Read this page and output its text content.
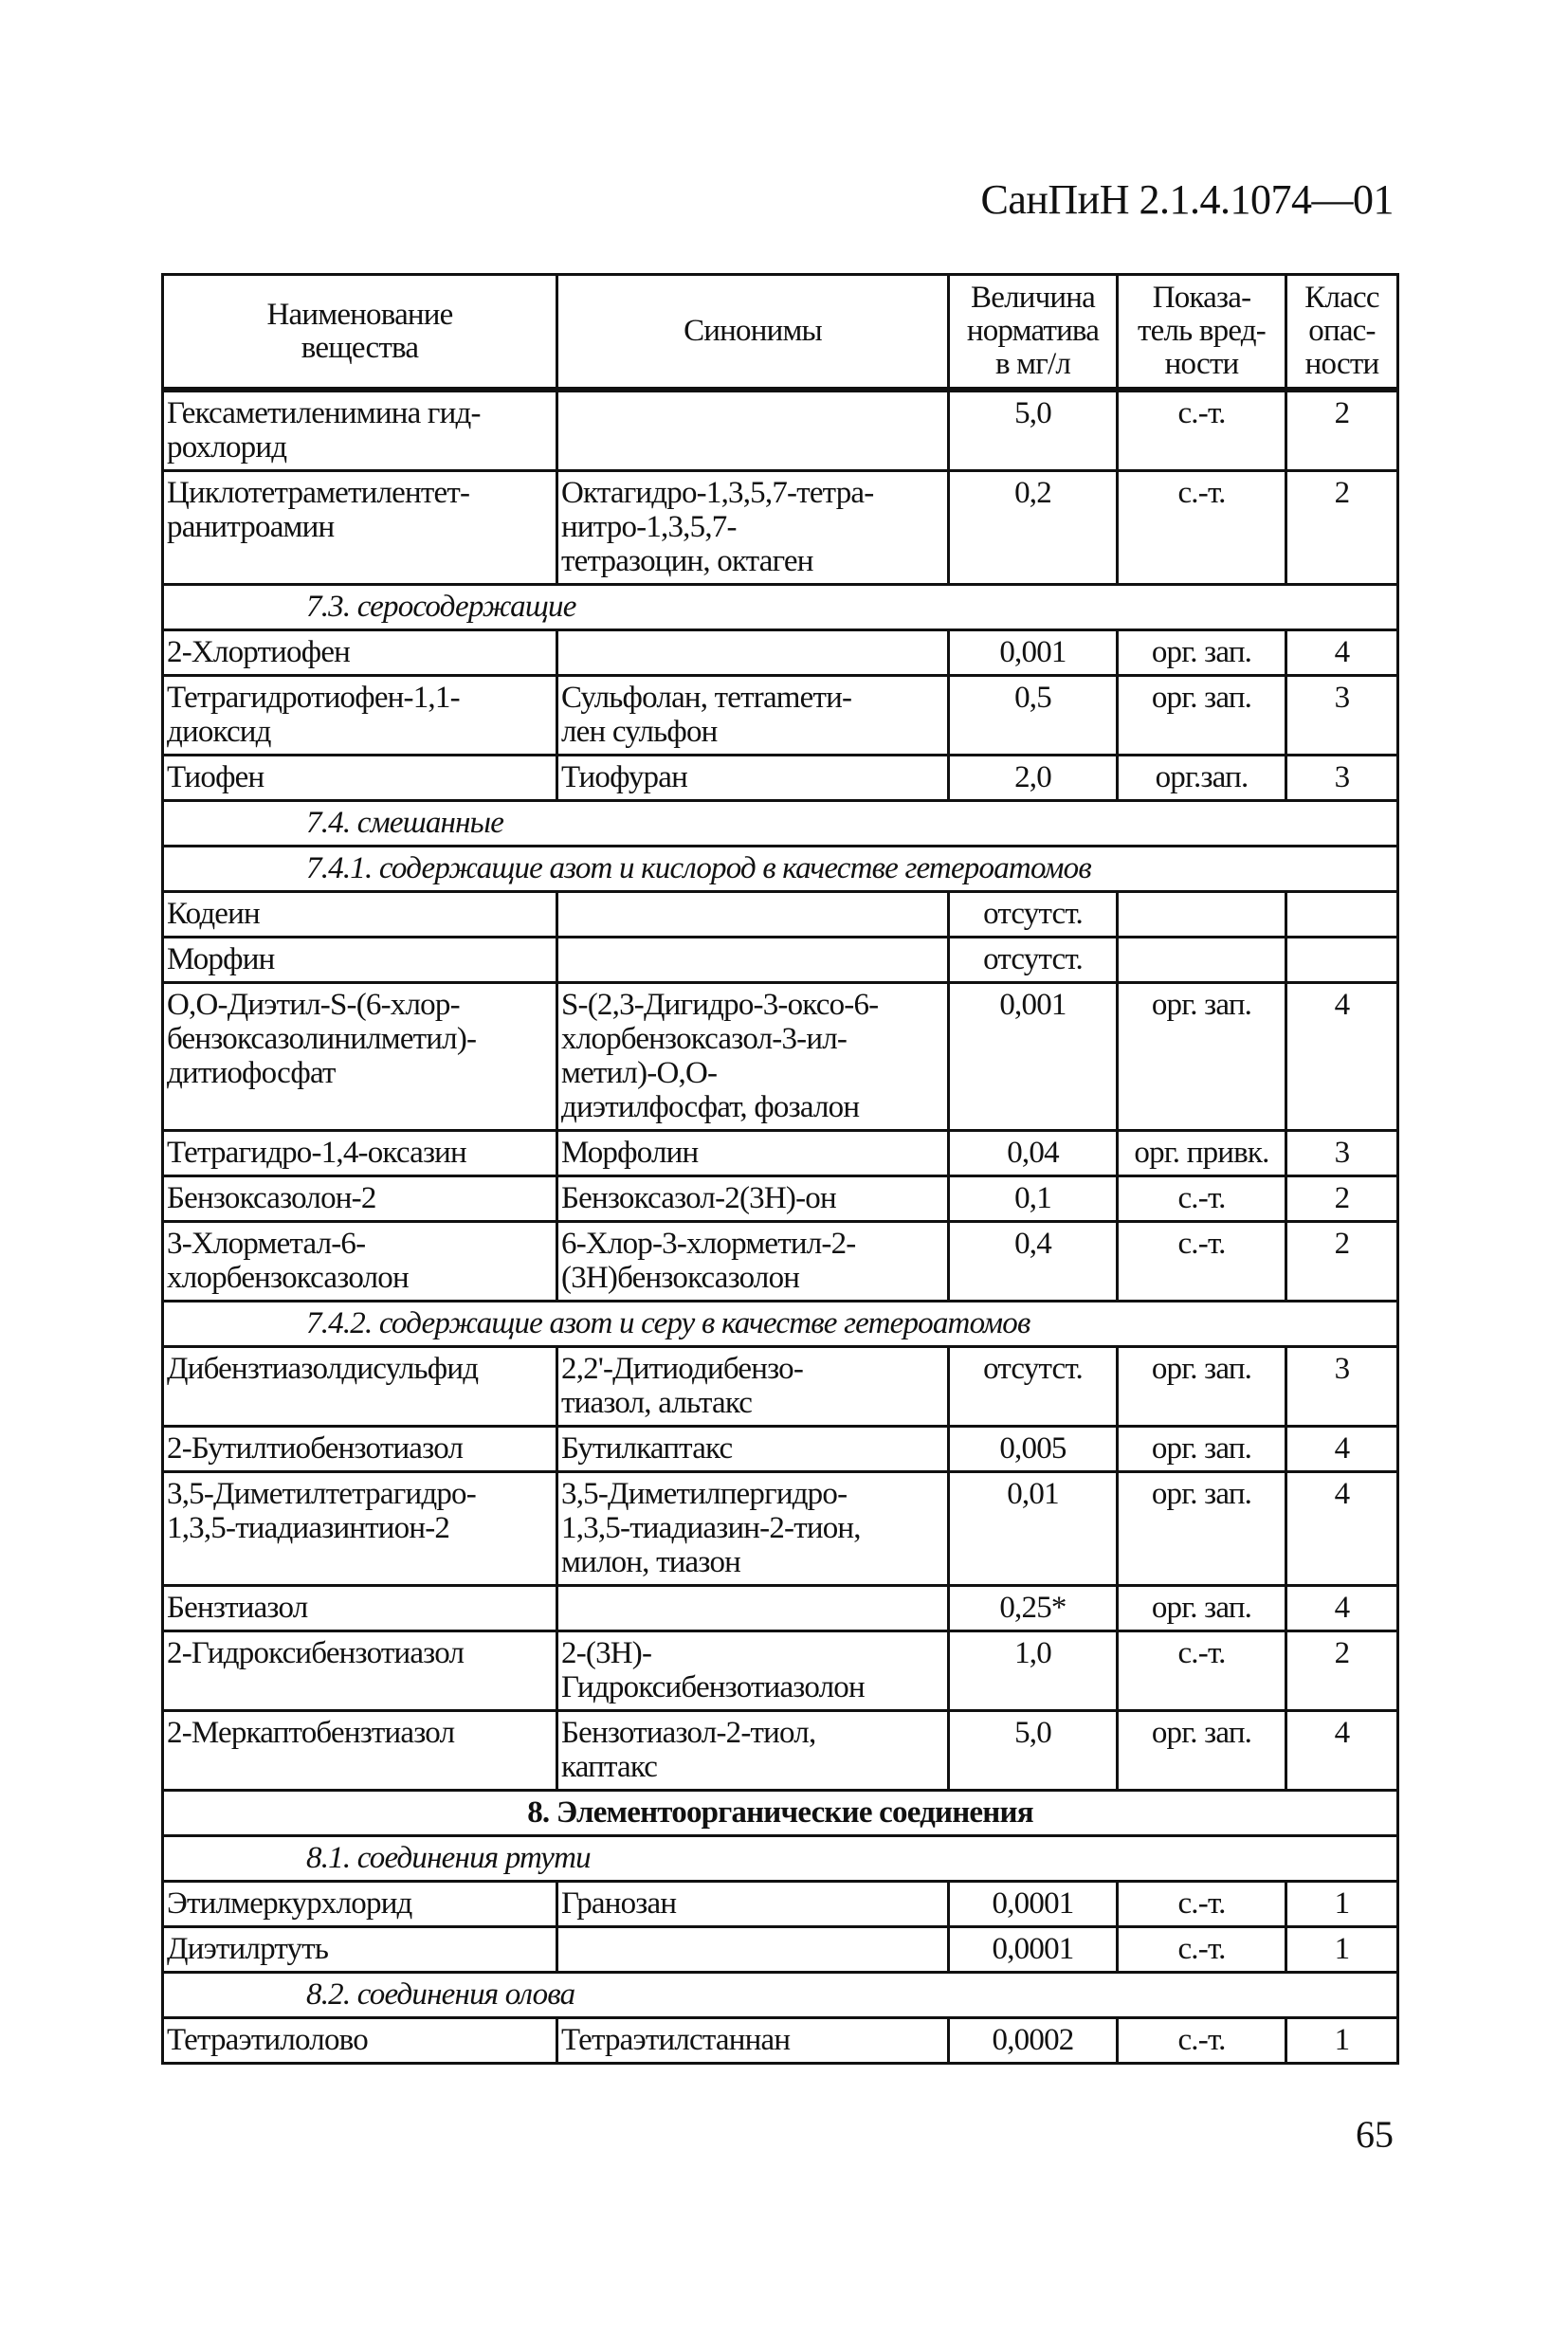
СанПиН 2.1.4.1074—01
Наименование
вещества	Синонимы	Величина
норматива
в мг/л	Показа-
тель вред-
ности	Класс
опас-
ности
Гексаметиленимина гид-
рохлорид		5,0	с.-т.	2
Циклотетраметилентет-
ранитроамин	Октагидро-1,3,5,7-тетра-
нитро-1,3,5,7-
тетразоцин, октаген	0,2	с.-т.	2
7.3. серосодержащие				
2-Хлортиофен		0,001	орг. зап.	4
Тетрагидротиофен-1,1-
диоксид	Сульфолан, тетramети-
лен сульфон	0,5	орг. зап.	3
Тиофен	Тиофуран	2,0	орг.зап.	3
7.4. смешанные				
7.4.1. содержащие азот и кислород в качестве гетероатомов				
Кодеин		отсутст.		
Морфин		отсутст.		
О,О-Диэтил-S-(6-хлор-
бензоксазолинилметил)-
дитиофосфат	S-(2,3-Дигидро-3-оксо-6-
хлорбензоксазол-3-ил-
метил)-О,О-
диэтилфосфат, фозалон	0,001	орг. зап.	4
Тетрагидро-1,4-оксазин	Морфолин	0,04	орг. привк.	3
Бензоксазолон-2	Бензоксазол-2(3Н)-он	0,1	с.-т.	2
3-Хлорметал-6-
хлорбензоксазолон	6-Хлор-3-хлорметил-2-
(3Н)бензоксазолон	0,4	с.-т.	2
7.4.2. содержащие азот и серу в качестве гетероатомов				
Дибензтиазолдисульфид	2,2'-Дитиодибензо-
тиазол, альтакс	отсутст.	орг. зап.	3
2-Бутилтиобензотиазол	Бутилкаптакс	0,005	орг. зап.	4
3,5-Диметилтетрагидро-
1,3,5-тиадиазинтион-2	3,5-Диметилпергидро-
1,3,5-тиадиазин-2-тион,
милон, тиазон	0,01	орг. зап.	4
Бензтиазол		0,25*	орг. зап.	4
2-Гидроксибензотиазол	2-(3Н)-
Гидроксибензотиазолон	1,0	с.-т.	2
2-Меркаптобензтиазол	Бензотиазол-2-тиол,
каптакс	5,0	орг. зап.	4
8. Элементоорганические соединения				
8.1. соединения ртути				
Этилмеркурхлорид	Гранозан	0,0001	с.-т.	1
Диэтилртуть		0,0001	с.-т.	1
8.2. соединения олова				
Тетраэтилолово	Тетраэтилстаннан	0,0002	с.-т.	1
65
